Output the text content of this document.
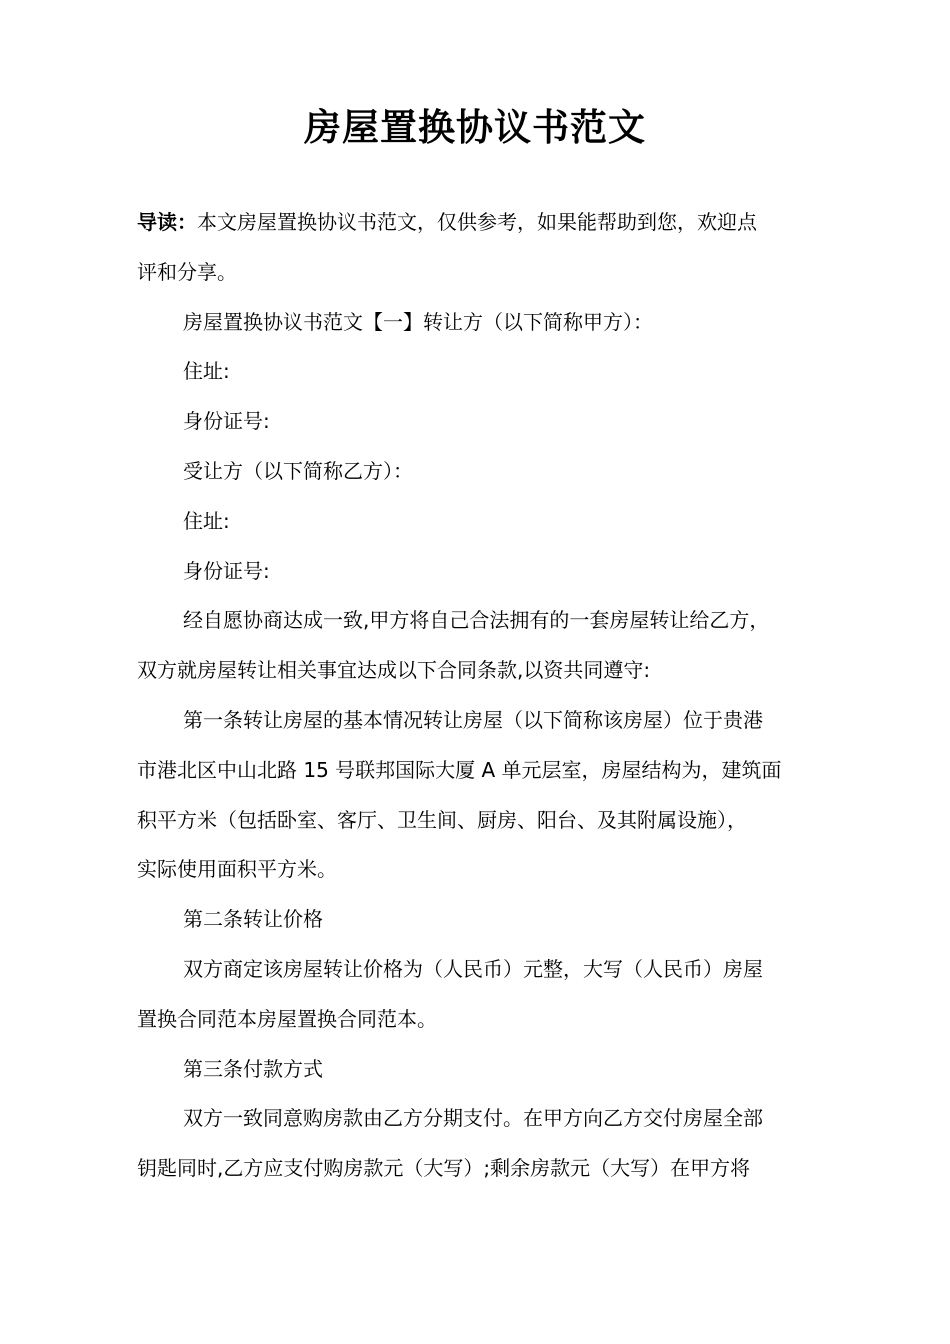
房屋置换协议书范文
导读：本文房屋置换协议书范文，仅供参考，如果能帮助到您，欢迎点
评和分享。
房屋置换协议书范文【一】转让方（以下简称甲方）：
住址:
身份证号:
受让方（以下简称乙方）：
住址:
身份证号:
经自愿协商达成一致,甲方将自己合法拥有的一套房屋转让给乙方，
双方就房屋转让相关事宜达成以下合同条款,以资共同遵守:
第一条转让房屋的基本情况转让房屋（以下简称该房屋）位于贵港
市港北区中山北路 15 号联邦国际大厦 A 单元层室，房屋结构为，建筑面
积平方米（包括卧室、客厅、卫生间、厨房、阳台、及其附属设施），
实际使用面积平方米。
第二条转让价格
双方商定该房屋转让价格为（人民币）元整，大写（人民币）房屋
置换合同范本房屋置换合同范本。
第三条付款方式
双方一致同意购房款由乙方分期支付。在甲方向乙方交付房屋全部
钥匙同时,乙方应支付购房款元（大写）;剩余房款元（大写）在甲方将
